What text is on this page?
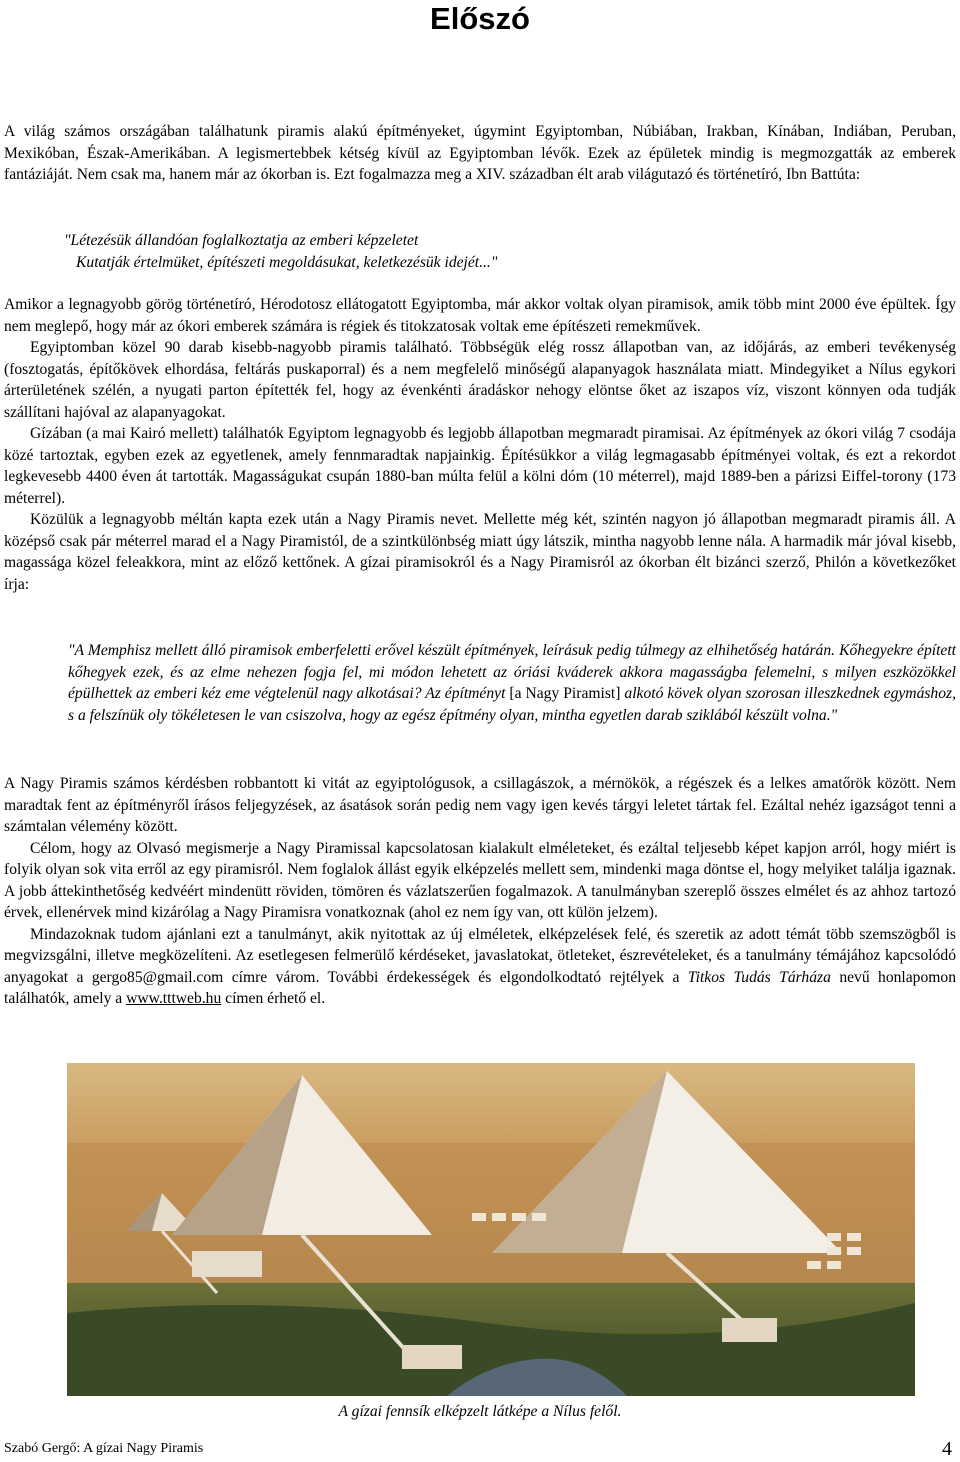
Előszó
A világ számos országában találhatunk piramis alakú építményeket, úgymint Egyiptomban, Núbiában, Irakban, Kínában, Indiában, Peruban, Mexikóban, Észak-Amerikában. A legismertebbek kétség kívül az Egyiptomban lévők. Ezek az épületek mindig is megmozgatták az emberek fantáziáját. Nem csak ma, hanem már az ókorban is. Ezt fogalmazza meg a XIV. században élt arab világutazó és történetíró, Ibn Battúta:
"Létezésük állandóan foglalkoztatja az emberi képzeletet
Kutatják értelmüket, építészeti megoldásukat, keletkezésük idejét..."
Amikor a legnagyobb görög történetíró, Hérodotosz ellátogatott Egyiptomba, már akkor voltak olyan piramisok, amik több mint 2000 éve épültek. Így nem meglepő, hogy már az ókori emberek számára is régiek és titokzatosak voltak eme építészeti remekművek.
Egyiptomban közel 90 darab kisebb-nagyobb piramis található. Többségük elég rossz állapotban van, az időjárás, az emberi tevékenység (fosztogatás, építőkövek elhordása, feltárás puskaporral) és a nem megfelelő minőségű alapanyagok használata miatt. Mindegyiket a Nílus egykori árterületének szélén, a nyugati parton építették fel, hogy az évenkénti áradáskor nehogy elöntse őket az iszapos víz, viszont könnyen oda tudják szállítani hajóval az alapanyagokat.
Gízában (a mai Kairó mellett) találhatók Egyiptom legnagyobb és legjobb állapotban megmaradt piramisai. Az építmények az ókori világ 7 csodája közé tartoztak, egyben ezek az egyetlenek, amely fennmaradtak napjainkig. Építésükkor a világ legmagasabb építményei voltak, és ezt a rekordot legkevesebb 4400 éven át tartották. Magasságukat csupán 1880-ban múlta felül a kölni dóm (10 méterrel), majd 1889-ben a párizsi Eiffel-torony (173 méterrel).
Közülük a legnagyobb méltán kapta ezek után a Nagy Piramis nevet. Mellette még két, szintén nagyon jó állapotban megmaradt piramis áll. A középső csak pár méterrel marad el a Nagy Piramistól, de a szintkülönbség miatt úgy látszik, mintha nagyobb lenne nála. A harmadik már jóval kisebb, magassága közel feleakkora, mint az előző kettőnek. A gízai piramisokról és a Nagy Piramisról az ókorban élt bizánci szerző, Philón a következőket írja:
"A Memphisz mellett álló piramisok emberfeletti erővel készült építmények, leírásuk pedig túlmegy az elhihetőség határán. Kőhegyekre épített kőhegyek ezek, és az elme nehezen fogja fel, mi módon lehetett az óriási kváderek akkora magasságba felemelni, s milyen eszközökkel épülhettek az emberi kéz eme végtelenül nagy alkotásai? Az építményt [a Nagy Piramist] alkotó kövek olyan szorosan illeszkednek egymáshoz, s a felszínük oly tökéletesen le van csiszolva, hogy az egész építmény olyan, mintha egyetlen darab sziklából készült volna."
A Nagy Piramis számos kérdésben robbantott ki vitát az egyiptológusok, a csillagászok, a mérnökök, a régészek és a lelkes amatőrök között. Nem maradtak fent az építményről írásos feljegyzések, az ásatások során pedig nem vagy igen kevés tárgyi leletet tártak fel. Ezáltal nehéz igazságot tenni a számtalan vélemény között.
Célom, hogy az Olvasó megismerje a Nagy Piramissal kapcsolatosan kialakult elméleteket, és ezáltal teljesebb képet kapjon arról, hogy miért is folyik olyan sok vita erről az egy piramisról. Nem foglalok állást egyik elképzelés mellett sem, mindenki maga döntse el, hogy melyiket találja igaznak. A jobb áttekinthetőség kedvéért mindenütt röviden, tömören és vázlatszerűen fogalmazok. A tanulmányban szereplő összes elmélet és az ahhoz tartozó érvek, ellenérvek mind kizárólag a Nagy Piramisra vonatkoznak (ahol ez nem így van, ott külön jelzem).
Mindazoknak tudom ajánlani ezt a tanulmányt, akik nyitottak az új elméletek, elképzelések felé, és szeretik az adott témát több szemszögből is megvizsgálni, illetve megközelíteni. Az esetlegesen felmerülő kérdéseket, javaslatokat, ötleteket, észrevételeket, és a tanulmány témájához kapcsolódó anyagokat a gergo85@gmail.com címre várom. További érdekességek és elgondolkodtató rejtélyek a Titkos Tudás Tárháza nevű honlapomon találhatók, amely a www.tttweb.hu címen érhető el.
A gízai fennsík elképzelt látképe a Nílus felől.
Szabó Gergő: A gízai Nagy Piramis	4
